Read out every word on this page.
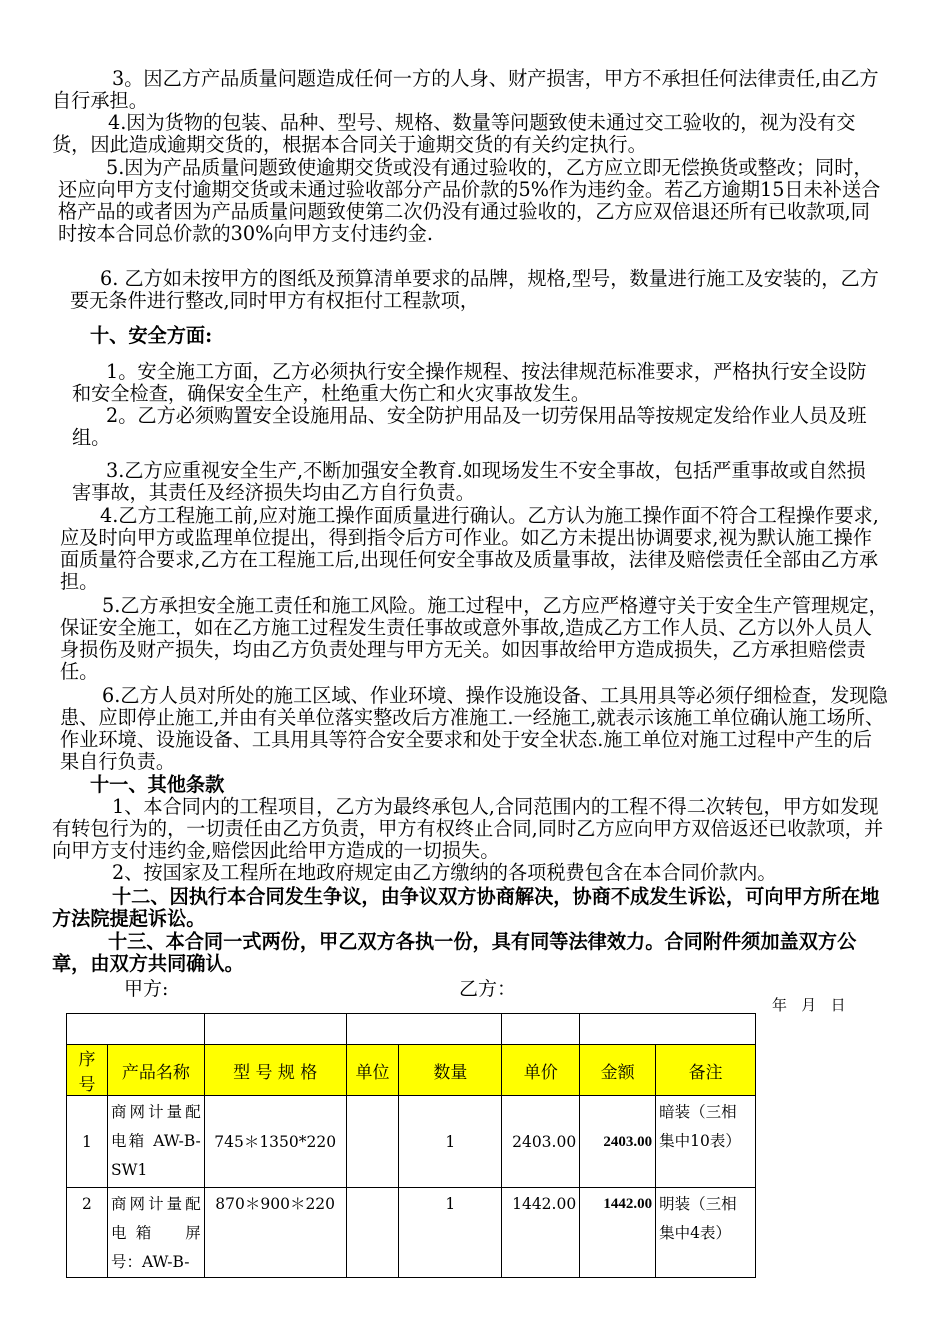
3。因乙方产品质量问题造成任何一方的人身、财产损害，甲方不承担任何法律责任,由乙方自行承担。

4.因为货物的包装、品种、型号、规格、数量等问题致使未通过交工验收的，视为没有交货，因此造成逾期交货的，根据本合同关于逾期交货的有关约定执行。

5.因为产品质量问题致使逾期交货或没有通过验收的，乙方应立即无偿换货或整改；同时，还应向甲方支付逾期交货或未通过验收部分产品价款的5%作为违约金。若乙方逾期15日未补送合格产品的或者因为产品质量问题致使第二次仍没有通过验收的，乙方应双倍退还所有已收款项,同时按本合同总价款的30%向甲方支付违约金.

6. 乙方如未按甲方的图纸及预算清单要求的品牌，规格,型号，数量进行施工及安装的，乙方要无条件进行整改,同时甲方有权拒付工程款项，

十、安全方面:

1。安全施工方面，乙方必须执行安全操作规程、按法律规范标准要求，严格执行安全设防和安全检查，确保安全生产，杜绝重大伤亡和火灾事故发生。

2。乙方必须购置安全设施用品、安全防护用品及一切劳保用品等按规定发给作业人员及班组。

3.乙方应重视安全生产,不断加强安全教育.如现场发生不安全事故，包括严重事故或自然损害事故，其责任及经济损失均由乙方自行负责。

4.乙方工程施工前,应对施工操作面质量进行确认。乙方认为施工操作面不符合工程操作要求,应及时向甲方或监理单位提出，得到指令后方可作业。如乙方未提出协调要求,视为默认施工操作面质量符合要求,乙方在工程施工后,出现任何安全事故及质量事故，法律及赔偿责任全部由乙方承担。

5.乙方承担安全施工责任和施工风险。施工过程中，乙方应严格遵守关于安全生产管理规定，保证安全施工，如在乙方施工过程发生责任事故或意外事故,造成乙方工作人员、乙方以外人员人身损伤及财产损失，均由乙方负责处理与甲方无关。如因事故给甲方造成损失，乙方承担赔偿责任。

6.乙方人员对所处的施工区域、作业环境、操作设施设备、工具用具等必须仔细检查，发现隐患、应即停止施工,并由有关单位落实整改后方准施工.一经施工,就表示该施工单位确认施工场所、作业环境、设施设备、工具用具等符合安全要求和处于安全状态.施工单位对施工过程中产生的后果自行负责。

十一、其他条款

1、本合同内的工程项目，乙方为最终承包人,合同范围内的工程不得二次转包，甲方如发现有转包行为的，一切责任由乙方负责，甲方有权终止合同,同时乙方应向甲方双倍返还已收款项，并向甲方支付违约金,赔偿因此给甲方造成的一切损失。

2、按国家及工程所在地政府规定由乙方缴纳的各项税费包含在本合同价款内。

十二、因执行本合同发生争议，由争议双方协商解决，协商不成发生诉讼，可向甲方所在地方法院提起诉讼。

十三、本合同一式两份，甲乙双方各执一份，具有同等法律效力。合同附件须加盖双方公章，由双方共同确认。

甲方:	乙方：
年   月   日

序号	产品名称	型 号 规 格	单位	数量	单价	金额	备注
1	商网计量配电箱 AW-B-SW1	745＊1350*220		1	2403.00	2403.00	暗装（三相集中10表）
2	商网计量配电箱　屏号：AW-B-	870＊900＊220		1	1442.00	1442.00	明装（三相集中4表）
